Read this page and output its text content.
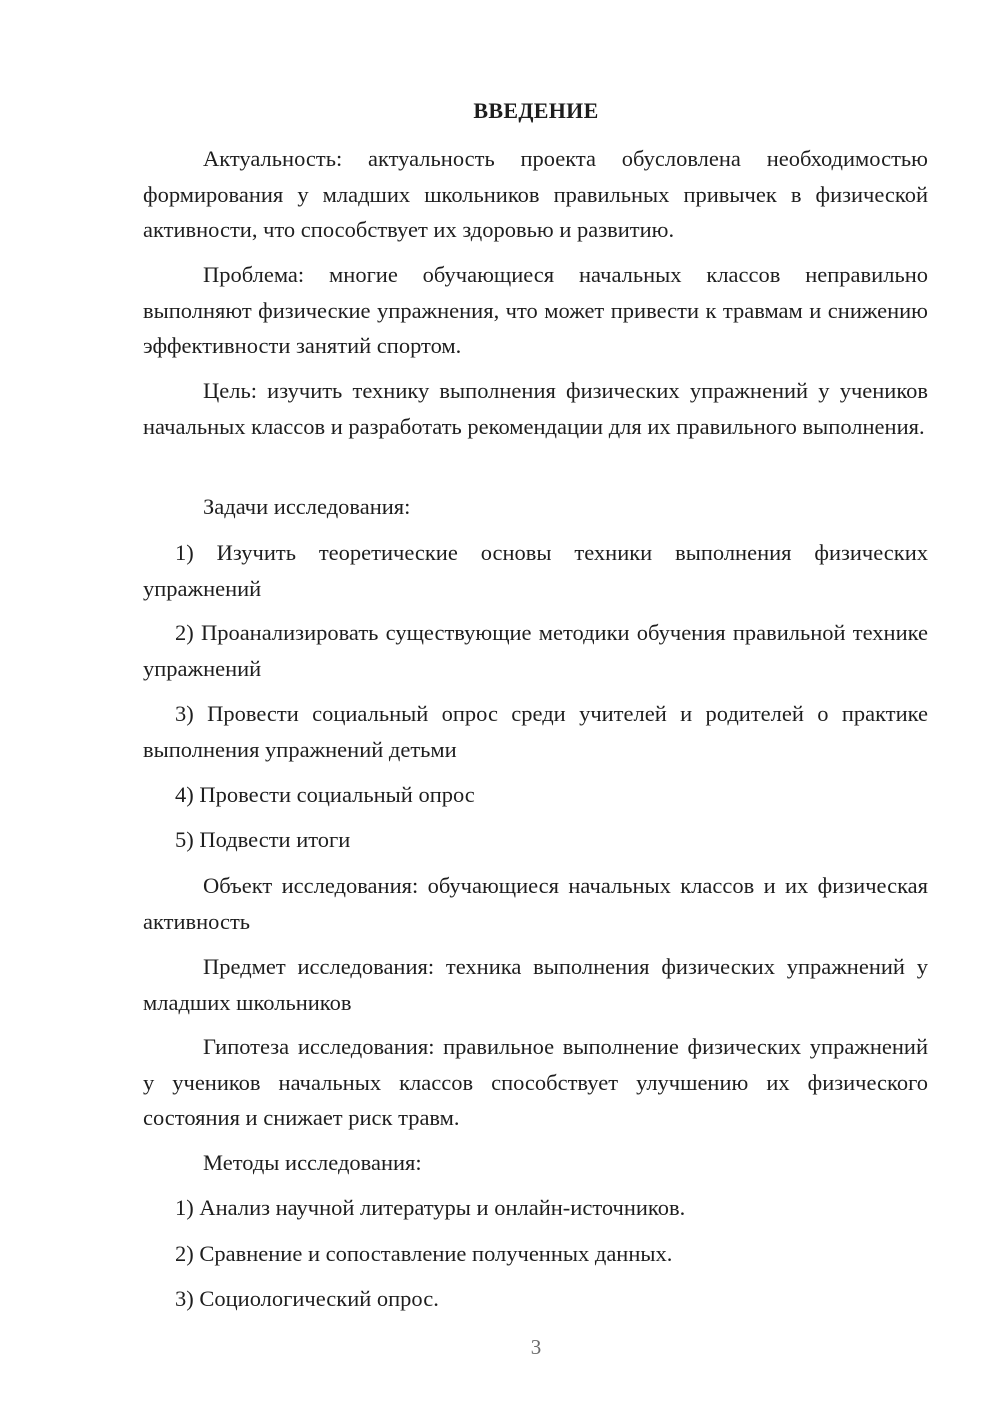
ВВЕДЕНИЕ
Актуальность: актуальность проекта обусловлена необходимостью формирования у младших школьников правильных привычек в физической активности, что способствует их здоровью и развитию.
Проблема: многие обучающиеся начальных классов неправильно выполняют физические упражнения, что может привести к травмам и снижению эффективности занятий спортом.
Цель: изучить технику выполнения физических упражнений у учеников начальных классов и разработать рекомендации для их правильного выполнения.
Задачи исследования:
1) Изучить теоретические основы техники выполнения физических упражнений
2) Проанализировать существующие методики обучения правильной технике упражнений
3) Провести социальный опрос среди учителей и родителей о практике выполнения упражнений детьми
4) Провести социальный опрос
5) Подвести итоги
Объект исследования: обучающиеся начальных классов и их физическая активность
Предмет исследования: техника выполнения физических упражнений у младших школьников
Гипотеза исследования: правильное выполнение физических упражнений у учеников начальных классов способствует улучшению их физического состояния и снижает риск травм.
Методы исследования:
1) Анализ научной литературы и онлайн-источников.
2) Сравнение и сопоставление полученных данных.
3) Социологический опрос.
3
